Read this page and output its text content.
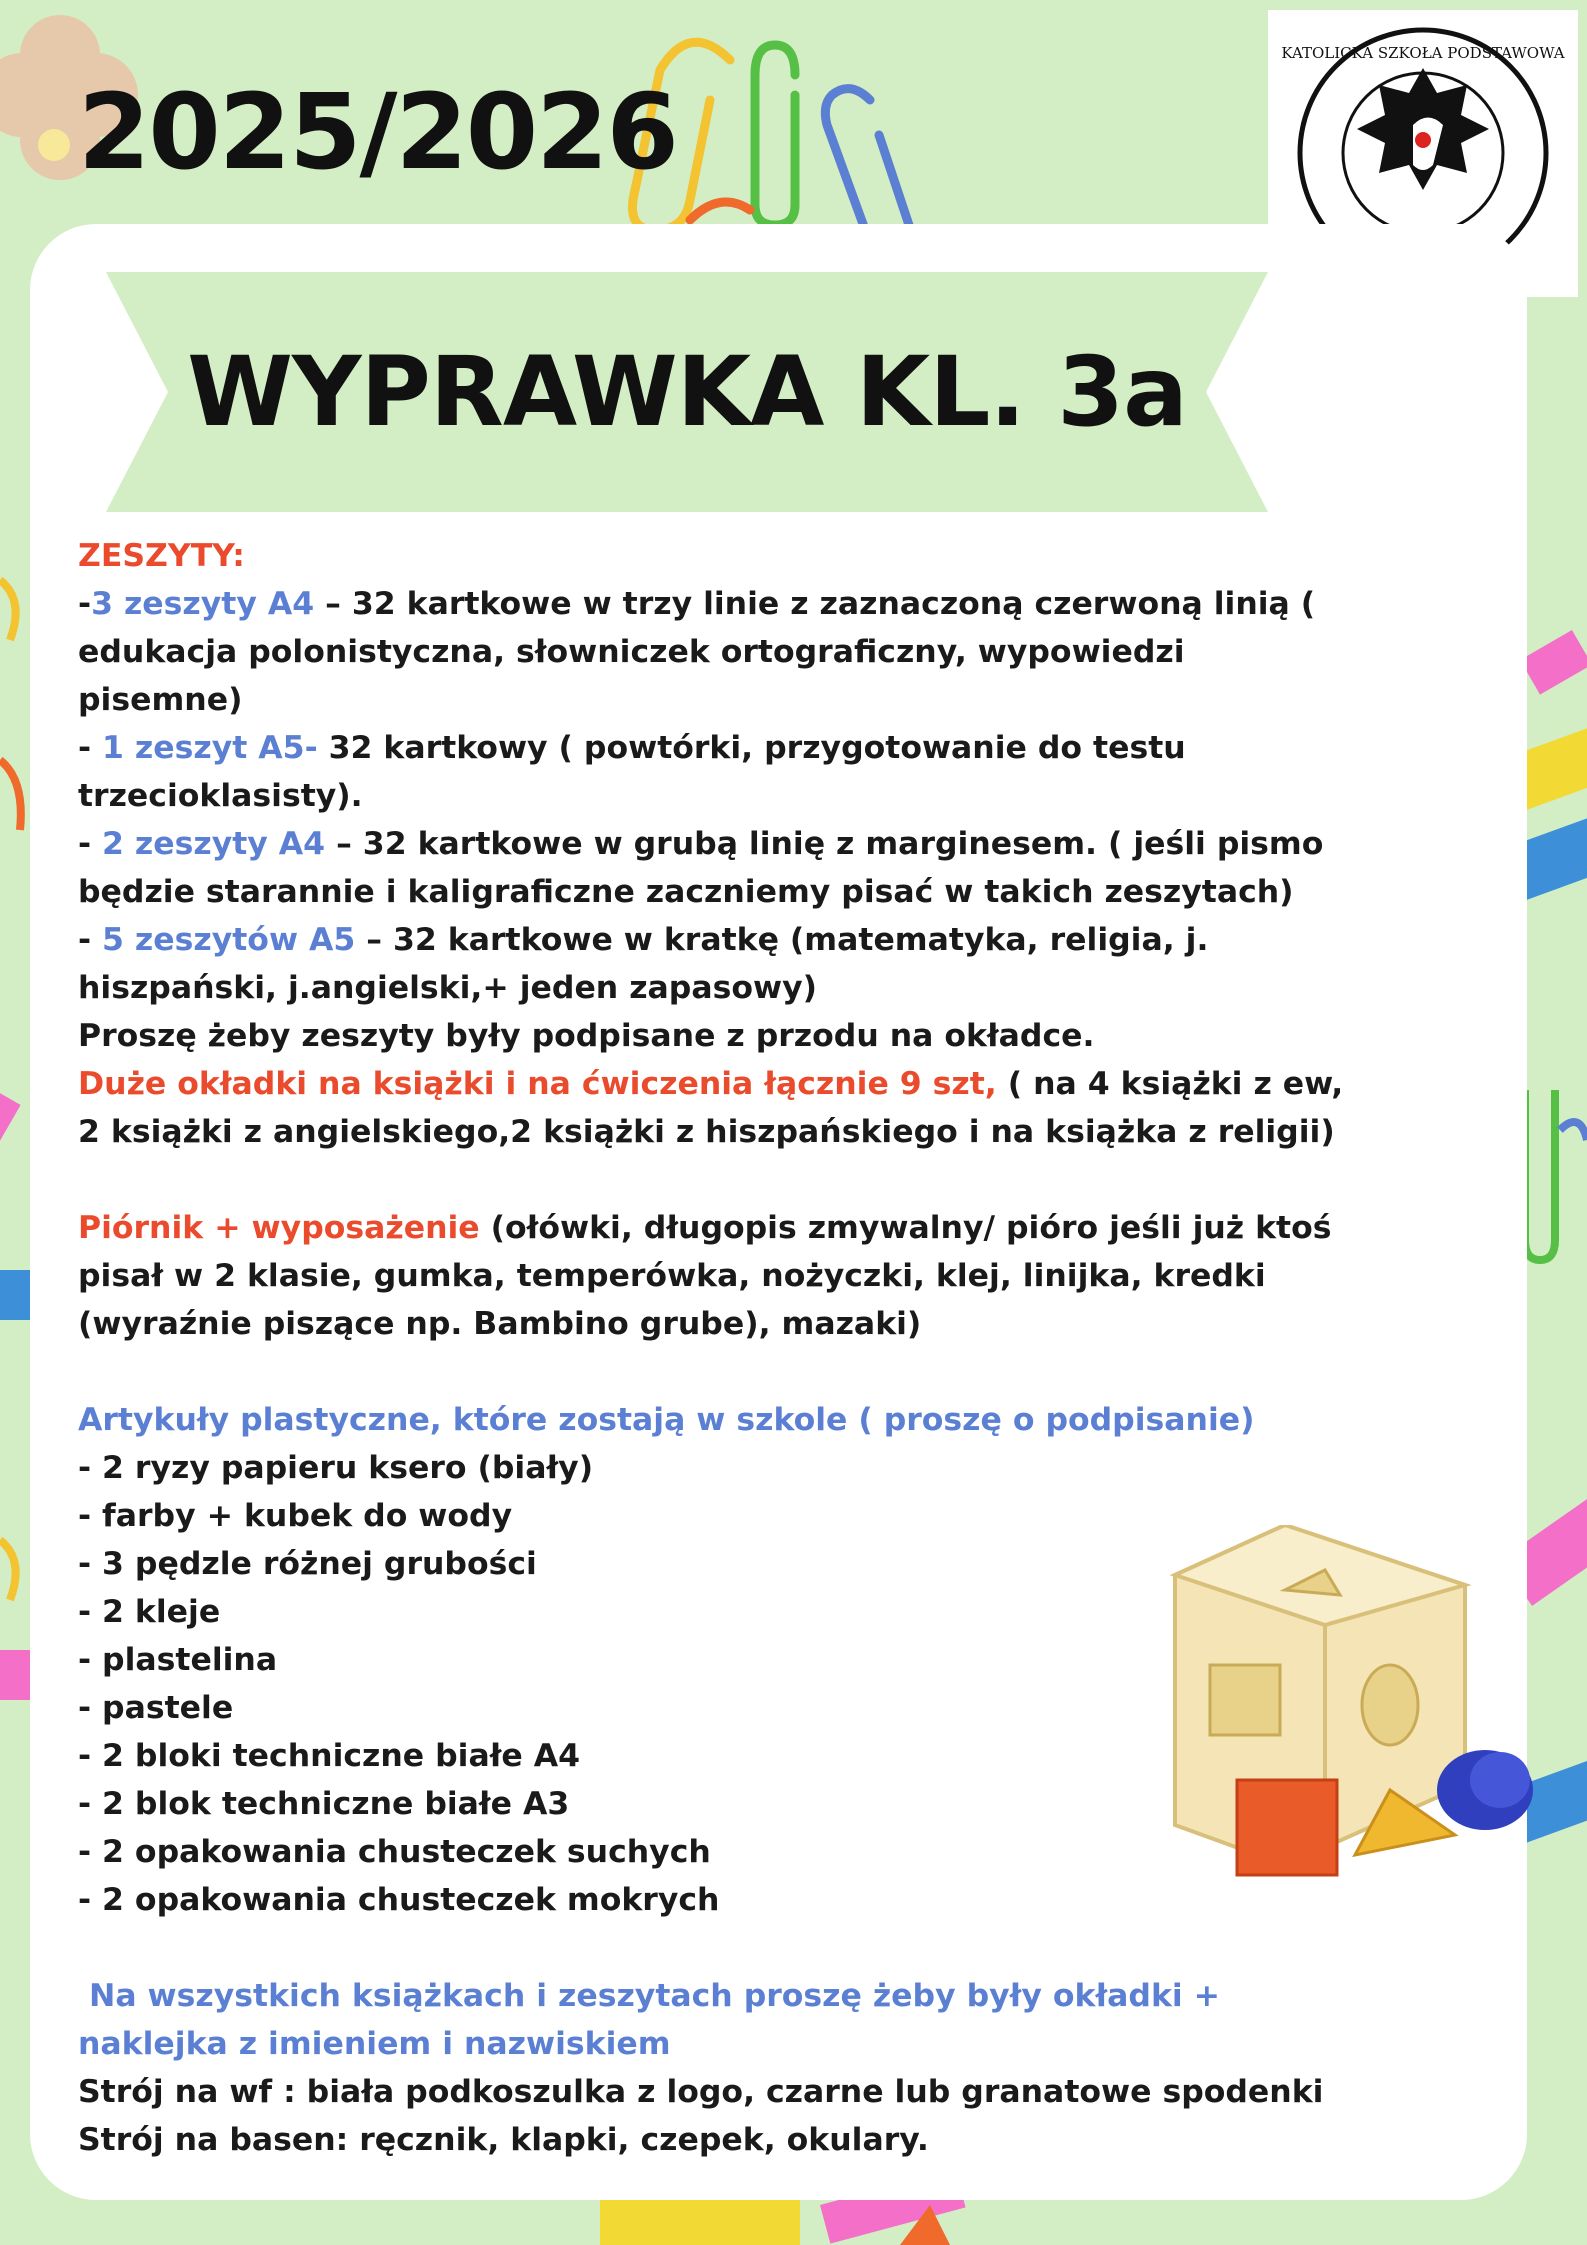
KATOLICKA SZKOŁA PODSTAWOWA
2025/2026
WYPRAWKA KL. 3a

ZESZYTY:

-3 zeszyty A4 – 32 kartkowe w trzy linie z zaznaczoną czerwoną linią ( edukacja polonistyczna, słowniczek ortograficzny, wypowiedzi pisemne)

- 1 zeszyt A5- 32 kartkowy ( powtórki, przygotowanie do testu trzecioklasisty).

- 2 zeszyty A4 – 32 kartkowe w grubą linię z marginesem. ( jeśli pismo będzie starannie i kaligraficzne zaczniemy pisać w takich zeszytach)

- 5 zeszytów A5 – 32 kartkowe w kratkę (matematyka, religia, j. hiszpański, j.angielski,+ jeden zapasowy)

Proszę żeby zeszyty były podpisane z przodu na okładce.

Duże okładki na książki i na ćwiczenia łącznie 9 szt, ( na 4 książki z ew, 2 książki z angielskiego,2 książki z hiszpańskiego i na książka z religii)

Piórnik + wyposażenie (ołówki, długopis zmywalny/ pióro jeśli już ktoś pisał w 2 klasie, gumka, temperówka, nożyczki, klej, linijka, kredki (wyraźnie piszące np. Bambino grube), mazaki)

Artykuły plastyczne, które zostają w szkole ( proszę o podpisanie)

- 2 ryzy papieru ksero (biały)
- farby + kubek do wody
- 3 pędzle różnej grubości
- 2 kleje
- plastelina
- pastele
- 2 bloki techniczne białe A4
- 2 blok techniczne białe A3
- 2 opakowania chusteczek suchych
- 2 opakowania chusteczek mokrych

Na wszystkich książkach i zeszytach proszę żeby były okładki + naklejka z imieniem i nazwiskiem

Strój na wf : biała podkoszulka z logo, czarne lub granatowe spodenki

Strój na basen: ręcznik, klapki, czepek, okulary.
